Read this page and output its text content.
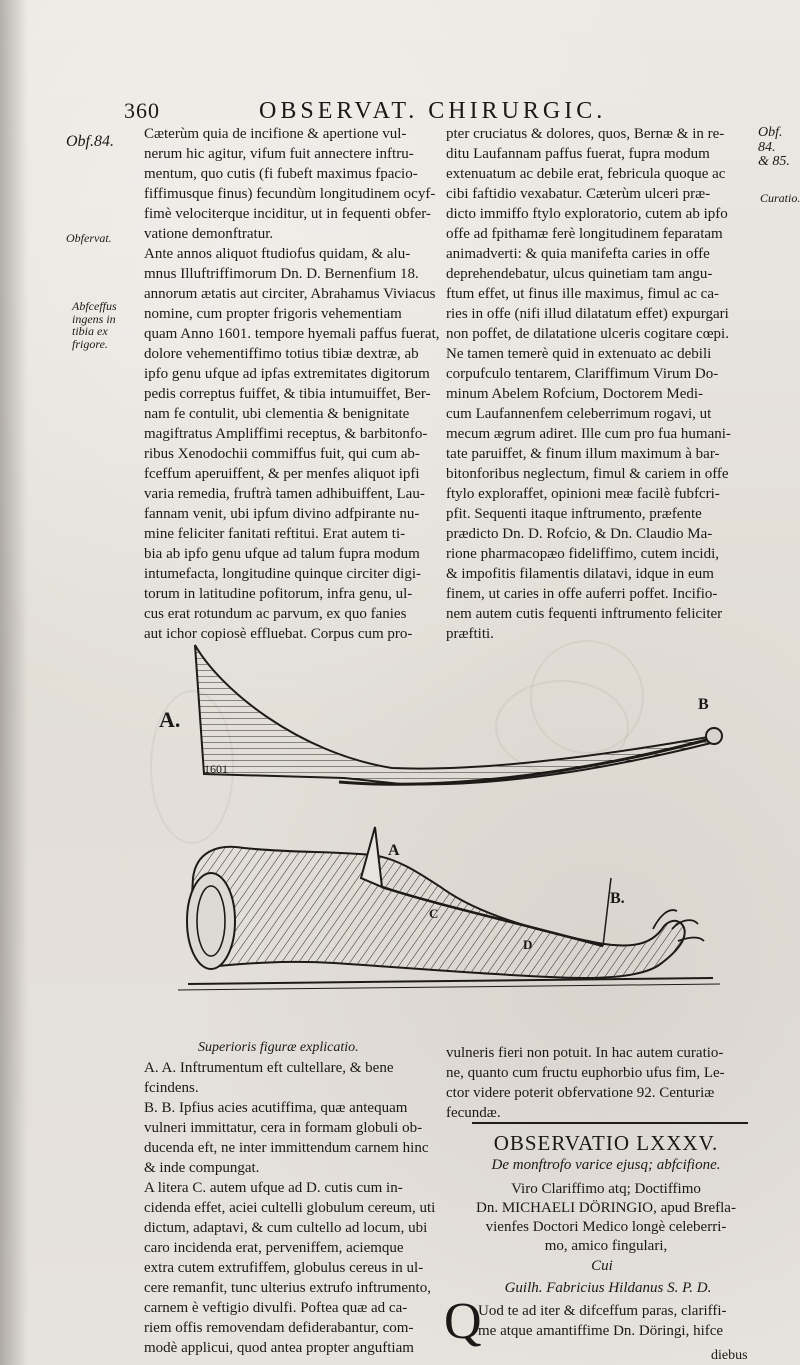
360	OBSERVAT. CHIRURGIC.
Obf.84.
Obfervat.
Abfceffus
ingens in
tibia ex
frigore.
Obf. 84.
& 85.
Curatio.
Cæterùm quia de incifione & apertione vul-
nerum hic agitur, vifum fuit annectere inftru-
mentum, quo cutis (fi fubeft maximus fpacio-
fiffimusque finus) fecundùm longitudinem ocyf-
fimè velociterque inciditur, ut in fequenti obfer-
vatione demonftratur.
Ante annos aliquot ftudiofus quidam, & alu-
mnus Illuftriffimorum Dn. D. Bernenfium 18.
annorum ætatis aut circiter, Abrahamus Viviacus
nomine, cum propter frigoris vehementiam
quam Anno 1601. tempore hyemali paffus fuerat,
dolore vehementiffimo totius tibiæ dextræ, ab
ipfo genu ufque ad ipfas extremitates digitorum
pedis correptus fuiffet, & tibia intumuiffet, Ber-
nam fe contulit, ubi clementia & benignitate
magiftratus Ampliffimi receptus, & barbitonfo-
ribus Xenodochii commiffus fuit, qui cum ab-
fceffum aperuiffent, & per menfes aliquot ipfi
varia remedia, fruftrà tamen adhibuiffent, Lau-
fannam venit, ubi ipfum divino adfpirante nu-
mine feliciter fanitati reftitui. Erat autem ti-
bia ab ipfo genu ufque ad talum fupra modum
intumefacta, longitudine quinque circiter digi-
torum in latitudine pofitorum, infra genu, ul-
cus erat rotundum ac parvum, ex quo fanies
aut ichor copiosè effluebat. Corpus cum pro-
pter cruciatus & dolores, quos, Bernæ & in re-
ditu Laufannam paffus fuerat, fupra modum
extenuatum ac debile erat, febricula quoque ac
cibi faftidio vexabatur. Cæterùm ulceri præ-
dicto immiffo ftylo exploratorio, cutem ab ipfo
offe ad fpithamæ ferè longitudinem feparatam
animadverti: & quia manifefta caries in offe
deprehendebatur, ulcus quinetiam tam angu-
ftum effet, ut finus ille maximus, fimul ac ca-
ries in offe (nifi illud dilatatum effet) expurgari
non poffet, de dilatatione ulceris cogitare cœpi.
Ne tamen temerè quid in extenuato ac debili
corpufculo tentarem, Clariffimum Virum Do-
minum Abelem Rofcium, Doctorem Medi-
cum Laufannenfem celeberrimum rogavi, ut
mecum ægrum adiret. Ille cum pro fua humani-
tate paruiffet, & finum illum maximum à bar-
bitonforibus neglectum, fimul & cariem in offe
ftylo exploraffet, opinioni meæ facilè fubfcri-
pfit. Sequenti itaque inftrumento, præfente
prædicto Dn. D. Rofcio, & Dn. Claudio Ma-
rione pharmacopæo fideliffimo, cutem incidi,
& impofitis filamentis dilatavi, idque in eum
finem, ut caries in offe auferri poffet. Incifio-
nem autem cutis fequenti inftrumento feliciter
præftiti.
1601
A.
B
A
B.
C
D
Superioris figuræ explicatio.
A. A. Inftrumentum eft cultellare, & bene
fcindens.
B. B. Ipfius acies acutiffima, quæ antequam
vulneri immittatur, cera in formam globuli ob-
ducenda eft, ne inter immittendum carnem hinc
& inde compungat.
A litera C. autem ufque ad D. cutis cum in-
cidenda effet, aciei cultelli globulum cereum, uti
dictum, adaptavi, & cum cultello ad locum, ubi
caro incidenda erat, perveniffem, aciemque
extra cutem extrufiffem, globulus cereus in ul-
cere remanfit, tunc ulterius extrufo inftrumento,
carnem è veftigio divulfi. Poftea quæ ad ca-
riem offis removendam defiderabantur, com-
modè applicui, quod antea propter anguftiam
vulneris fieri non potuit. In hac autem curatio-
ne, quanto cum fructu euphorbio ufus fim, Le-
ctor videre poterit obfervatione 92. Centuriæ
fecundæ.
OBSERVATIO LXXXV.
De monftrofo varice ejusq; abfcifione.
Viro Clariffimo atq; Doctiffimo
Dn. MICHAELI DÖRINGIO, apud Brefla-
vienfes Doctori Medico longè celeberri-
mo, amico fingulari,
Cui
Guilh. Fabricius Hildanus S. P. D.
Q
Uod te ad iter & difceffum paras, clariffi-
me atque amantiffime Dn. Döringi, hifce
diebus
